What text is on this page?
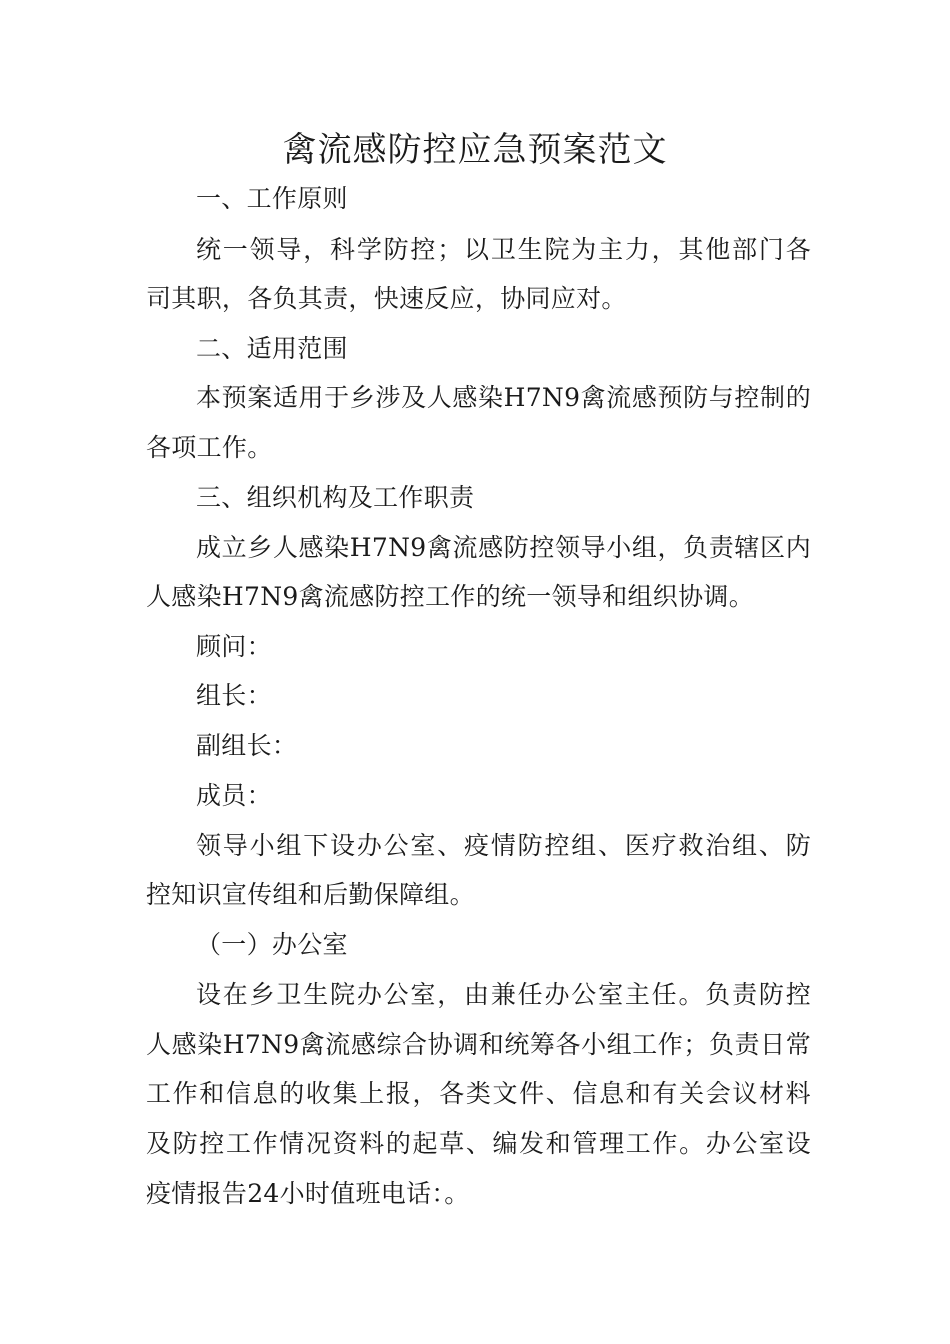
禽流感防控应急预案范文

一、工作原则

统一领导，科学防控；以卫生院为主力，其他部门各

司其职，各负其责，快速反应，协同应对。

二、适用范围

本预案适用于乡涉及人感染H7N9禽流感预防与控制的

各项工作。

三、组织机构及工作职责

成立乡人感染H7N9禽流感防控领导小组，负责辖区内

人感染H7N9禽流感防控工作的统一领导和组织协调。

顾问：

组长：

副组长：

成员：

领导小组下设办公室、疫情防控组、医疗救治组、防

控知识宣传组和后勤保障组。

（一）办公室

设在乡卫生院办公室，由兼任办公室主任。负责防控

人感染H7N9禽流感综合协调和统筹各小组工作；负责日常

工作和信息的收集上报，各类文件、信息和有关会议材料

及防控工作情况资料的起草、编发和管理工作。办公室设

疫情报告24小时值班电话：。
